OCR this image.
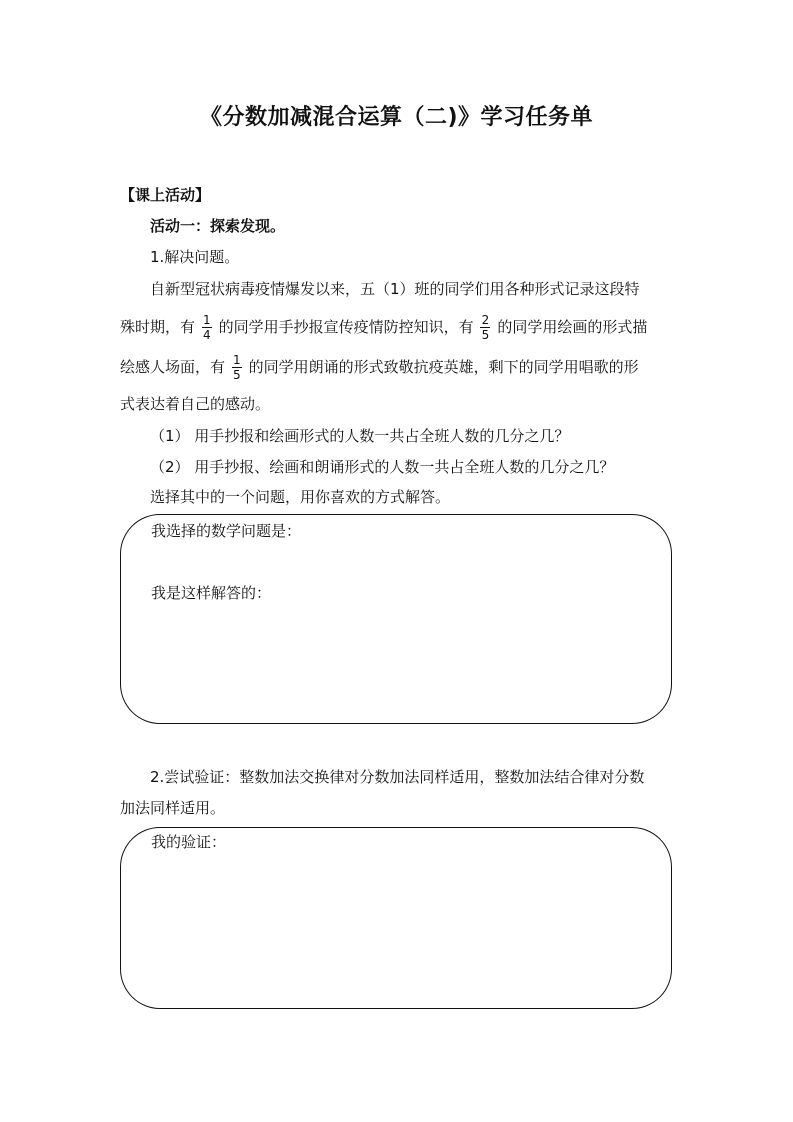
《分数加减混合运算（二)》学习任务单
【课上活动】
活动一：探索发现。
1.解决问题。
自新型冠状病毒疫情爆发以来，五（1）班的同学们用各种形式记录这段特
殊时期，有 $\frac{1}{4}$ 的同学用手抄报宣传疫情防控知识，有 $\frac{2}{5}$ 的同学用绘画的形式描
绘感人场面，有 $\frac{1}{5}$ 的同学用朗诵的形式致敬抗疫英雄，剩下的同学用唱歌的形
式表达着自己的感动。
（1） 用手抄报和绘画形式的人数一共占全班人数的几分之几？
（2） 用手抄报、绘画和朗诵形式的人数一共占全班人数的几分之几？
选择其中的一个问题，用你喜欢的方式解答。
我选择的数学问题是：
我是这样解答的：
2.尝试验证：整数加法交换律对分数加法同样适用，整数加法结合律对分数
加法同样适用。
我的验证：
